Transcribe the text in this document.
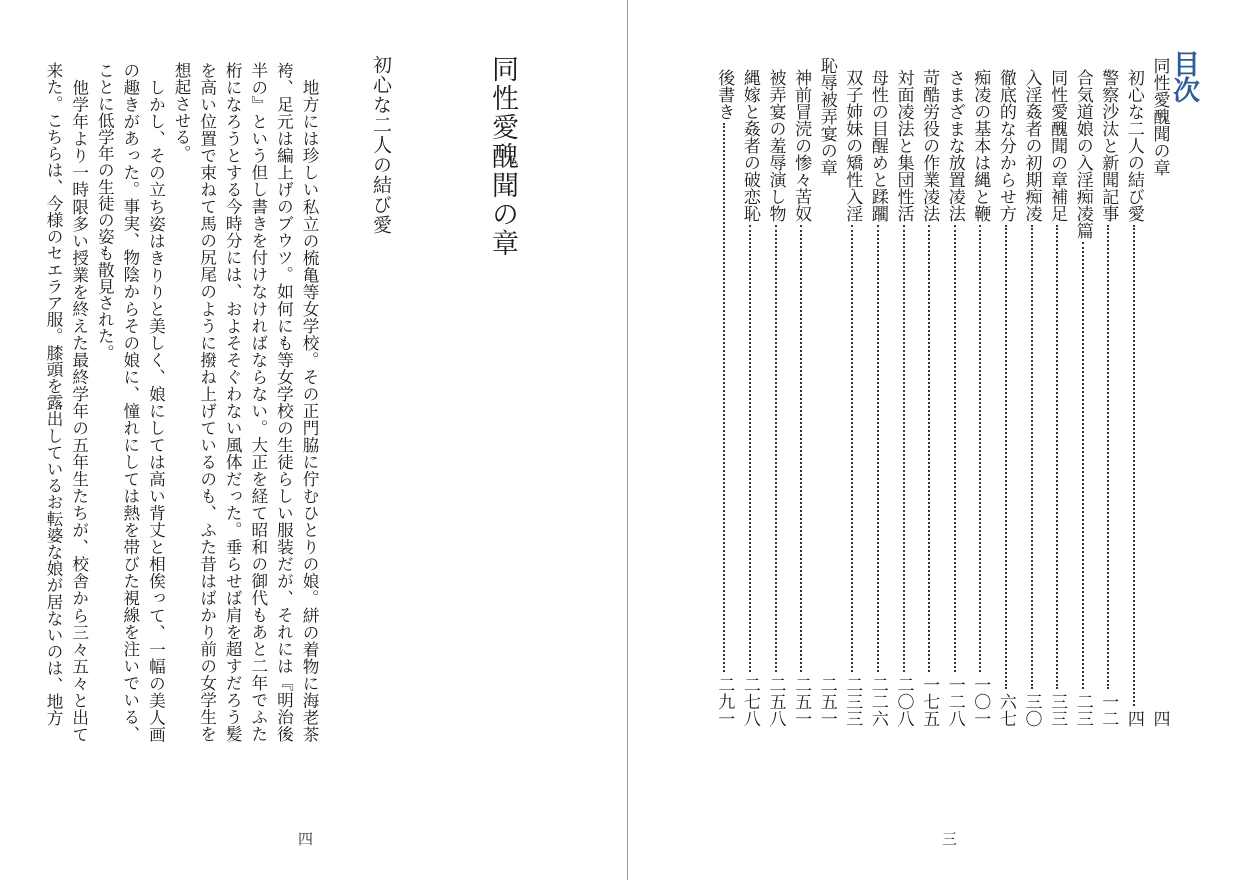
目次
同性愛醜聞の章
四
初心な二人の結び愛
四
警察沙汰と新聞記事
一二
合気道娘の入淫痴凌篇
二三
同性愛醜聞の章補足
三三
入淫姦者の初期痴凌
三〇
徹底的な分からせ方
六七
痴凌の基本は縄と鞭
一〇一
さまざまな放置凌法
一二八
苛酷労役の作業凌法
一七五
対面凌法と集団性活
二〇八
母性の目醒めと蹂躙
二二六
双子姉妹の矯性入淫
二三三
恥辱被弄宴の章
二五一
神前冒涜の惨々苦奴
二五一
被弄宴の羞辱演し物
二五八
縄嫁と姦者の破恋恥
二七八
後書き
二九一
同性愛醜聞の章
初心な二人の結び愛

地方には珍しい私立の梳亀等女学校。その正門脇に佇むひとりの娘。絣の着物に海老茶袴、足元は編上げのブウツ。如何にも等女学校の生徒らしい服装だが、それには『明治後半の』という但し書きを付けなければならない。大正を経て昭和の御代もあと二年でふた桁になろうとする今時分には、およそそぐわない風体だった。垂らせば肩を超すだろう髪を高い位置で束ねて馬の尻尾のように撥ね上げているのも、ふた昔はばかり前の女学生を想起させる。

しかし、その立ち姿はきりりと美しく、娘にしては高い背丈と相俟って、一幅の美人画の趣きがあった。事実、物陰からその娘に、憧れにしては熱を帯びた視線を注いでいる、ことに低学年の生徒の姿も散見された。

他学年より一時限多い授業を終えた最終学年の五年生たちが、校舎から三々五々と出て来た。こちらは、今様のセエラア服。膝頭を露出しているお転婆な娘が居ないのは、地方

四	三
